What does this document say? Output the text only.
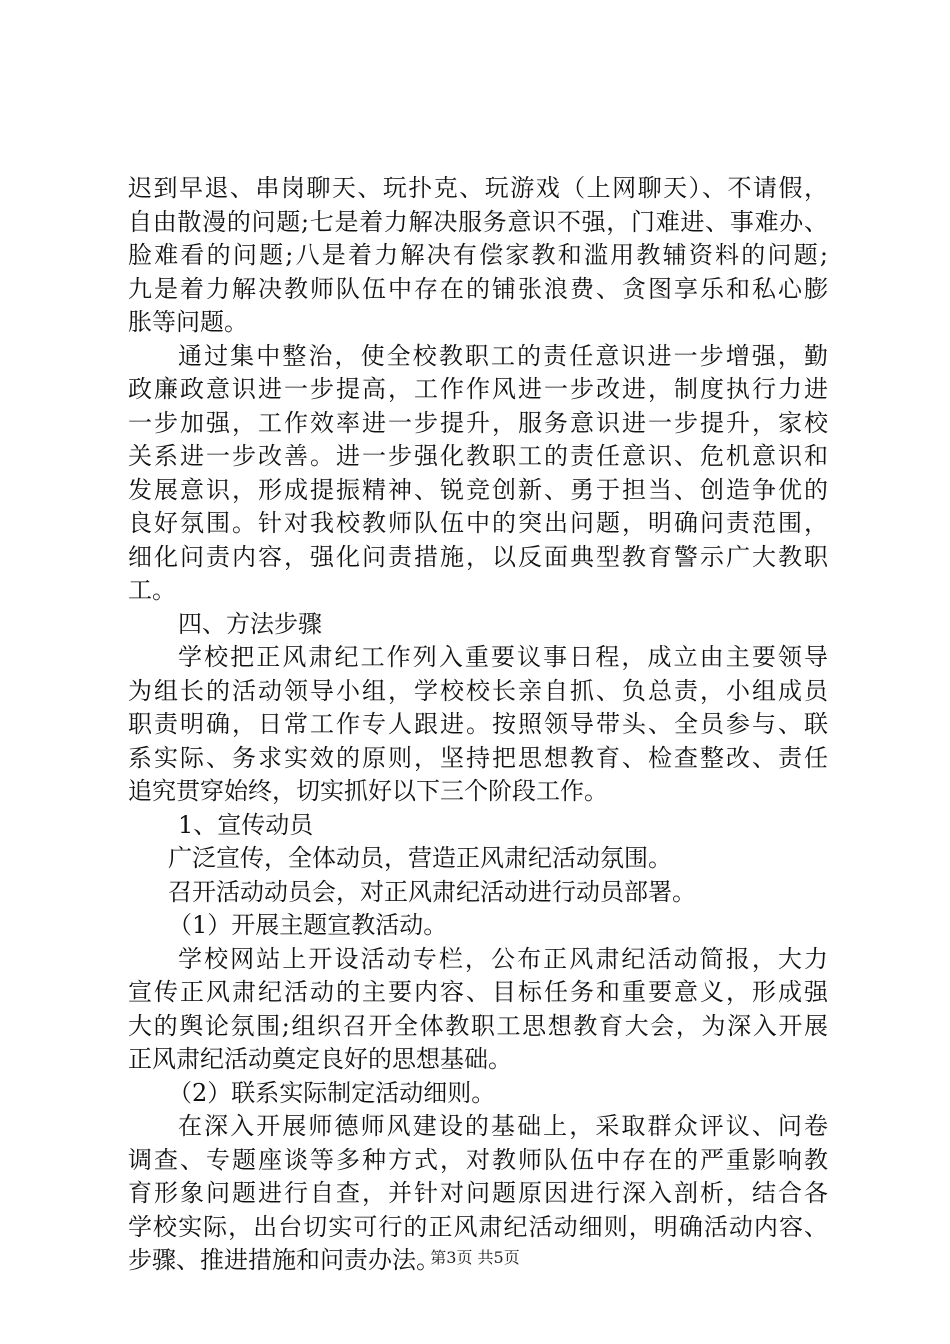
迟到早退、串岗聊天、玩扑克、玩游戏（上网聊天）、不请假，
自由散漫的问题;七是着力解决服务意识不强，门难进、事难办、
脸难看的问题;八是着力解决有偿家教和滥用教辅资料的问题;
九是着力解决教师队伍中存在的铺张浪费、贪图享乐和私心膨
胀等问题。
通过集中整治，使全校教职工的责任意识进一步增强，勤
政廉政意识进一步提高，工作作风进一步改进，制度执行力进
一步加强，工作效率进一步提升，服务意识进一步提升，家校
关系进一步改善。进一步强化教职工的责任意识、危机意识和
发展意识，形成提振精神、锐竞创新、勇于担当、创造争优的
良好氛围。针对我校教师队伍中的突出问题，明确问责范围，
细化问责内容，强化问责措施，以反面典型教育警示广大教职
工。
四、方法步骤
学校把正风肃纪工作列入重要议事日程，成立由主要领导
为组长的活动领导小组，学校校长亲自抓、负总责，小组成员
职责明确，日常工作专人跟进。按照领导带头、全员参与、联
系实际、务求实效的原则，坚持把思想教育、检查整改、责任
追究贯穿始终，切实抓好以下三个阶段工作。
1、宣传动员
广泛宣传，全体动员，营造正风肃纪活动氛围。
召开活动动员会，对正风肃纪活动进行动员部署。
（1）开展主题宣教活动。
学校网站上开设活动专栏，公布正风肃纪活动简报，大力
宣传正风肃纪活动的主要内容、目标任务和重要意义，形成强
大的舆论氛围;组织召开全体教职工思想教育大会，为深入开展
正风肃纪活动奠定良好的思想基础。
（2）联系实际制定活动细则。
在深入开展师德师风建设的基础上，采取群众评议、问卷
调查、专题座谈等多种方式，对教师队伍中存在的严重影响教
育形象问题进行自查，并针对问题原因进行深入剖析，结合各
学校实际，出台切实可行的正风肃纪活动细则，明确活动内容、
步骤、推进措施和问责办法。
第3页 共5页
